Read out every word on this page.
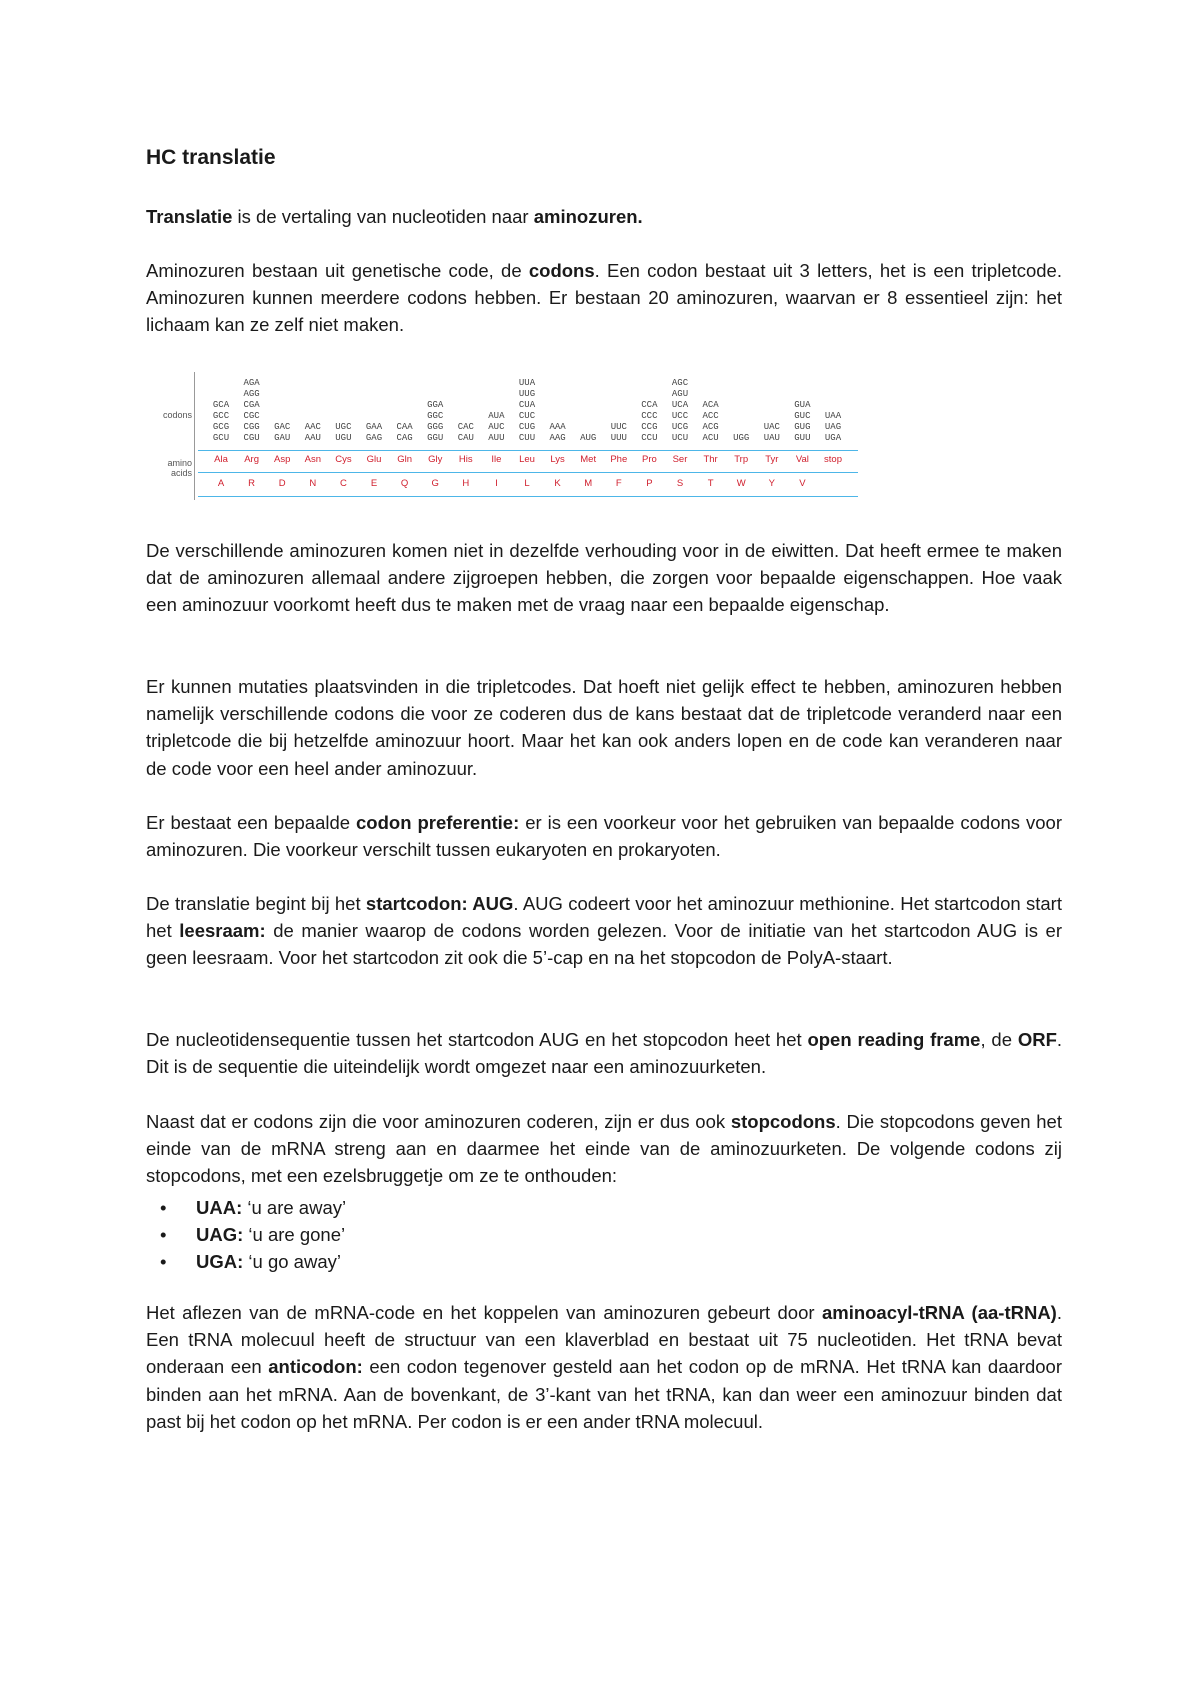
HC translatie

Translatie is de vertaling van nucleotiden naar aminozuren.

Aminozuren bestaan uit genetische code, de codons. Een codon bestaat uit 3 letters, het is een tripletcode. Aminozuren kunnen meerdere codons hebben. Er bestaan 20 aminozuren, waarvan er 8 essentieel zijn: het lichaam kan ze zelf niet maken.

codons
amino acids
GCA
GCC
GCG
GCU
Ala
A
AGA
AGG
CGA
CGC
CGG
CGU
Arg
R
GAC
GAU
Asp
D
AAC
AAU
Asn
N
UGC
UGU
Cys
C
GAA
GAG
Glu
E
CAA
CAG
Gln
Q
GGA
GGC
GGG
GGU
Gly
G
CAC
CAU
His
H
AUA
AUC
AUU
Ile
I
UUA
UUG
CUA
CUC
CUG
CUU
Leu
L
AAA
AAG
Lys
K
AUG
Met
M
UUC
UUU
Phe
F
CCA
CCC
CCG
CCU
Pro
P
AGC
AGU
UCA
UCC
UCG
UCU
Ser
S
ACA
ACC
ACG
ACU
Thr
T
UGG
Trp
W
UAC
UAU
Tyr
Y
GUA
GUC
GUG
GUU
Val
V
UAA
UAG
UGA
stop

De verschillende aminozuren komen niet in dezelfde verhouding voor in de eiwitten. Dat heeft ermee te maken dat de aminozuren allemaal andere zijgroepen hebben, die zorgen voor bepaalde eigenschappen. Hoe vaak een aminozuur voorkomt heeft dus te maken met de vraag naar een bepaalde eigenschap.

Er kunnen mutaties plaatsvinden in die tripletcodes. Dat hoeft niet gelijk effect te hebben, aminozuren hebben namelijk verschillende codons die voor ze coderen dus de kans bestaat dat de tripletcode veranderd naar een tripletcode die bij hetzelfde aminozuur hoort. Maar het kan ook anders lopen en de code kan veranderen naar de code voor een heel ander aminozuur.

Er bestaat een bepaalde codon preferentie: er is een voorkeur voor het gebruiken van bepaalde codons voor aminozuren. Die voorkeur verschilt tussen eukaryoten en prokaryoten.

De translatie begint bij het startcodon: AUG. AUG codeert voor het aminozuur methionine. Het startcodon start het leesraam: de manier waarop de codons worden gelezen. Voor de initiatie van het startcodon AUG is er geen leesraam. Voor het startcodon zit ook die 5’-cap en na het stopcodon de PolyA-staart.

De nucleotidensequentie tussen het startcodon AUG en het stopcodon heet het open reading frame, de ORF. Dit is de sequentie die uiteindelijk wordt omgezet naar een aminozuurketen.

Naast dat er codons zijn die voor aminozuren coderen, zijn er dus ook stopcodons. Die stopcodons geven het einde van de mRNA streng aan en daarmee het einde van de aminozuurketen. De volgende codons zij stopcodons, met een ezelsbruggetje om ze te onthouden:

• UAA: ‘u are away’
• UAG: ‘u are gone’
• UGA: ‘u go away’

Het aflezen van de mRNA-code en het koppelen van aminozuren gebeurt door aminoacyl-tRNA (aa-tRNA). Een tRNA molecuul heeft de structuur van een klaverblad en bestaat uit 75 nucleotiden. Het tRNA bevat onderaan een anticodon: een codon tegenover gesteld aan het codon op de mRNA. Het tRNA kan daardoor binden aan het mRNA. Aan de bovenkant, de 3’-kant van het tRNA, kan dan weer een aminozuur binden dat past bij het codon op het mRNA. Per codon is er een ander tRNA molecuul.
